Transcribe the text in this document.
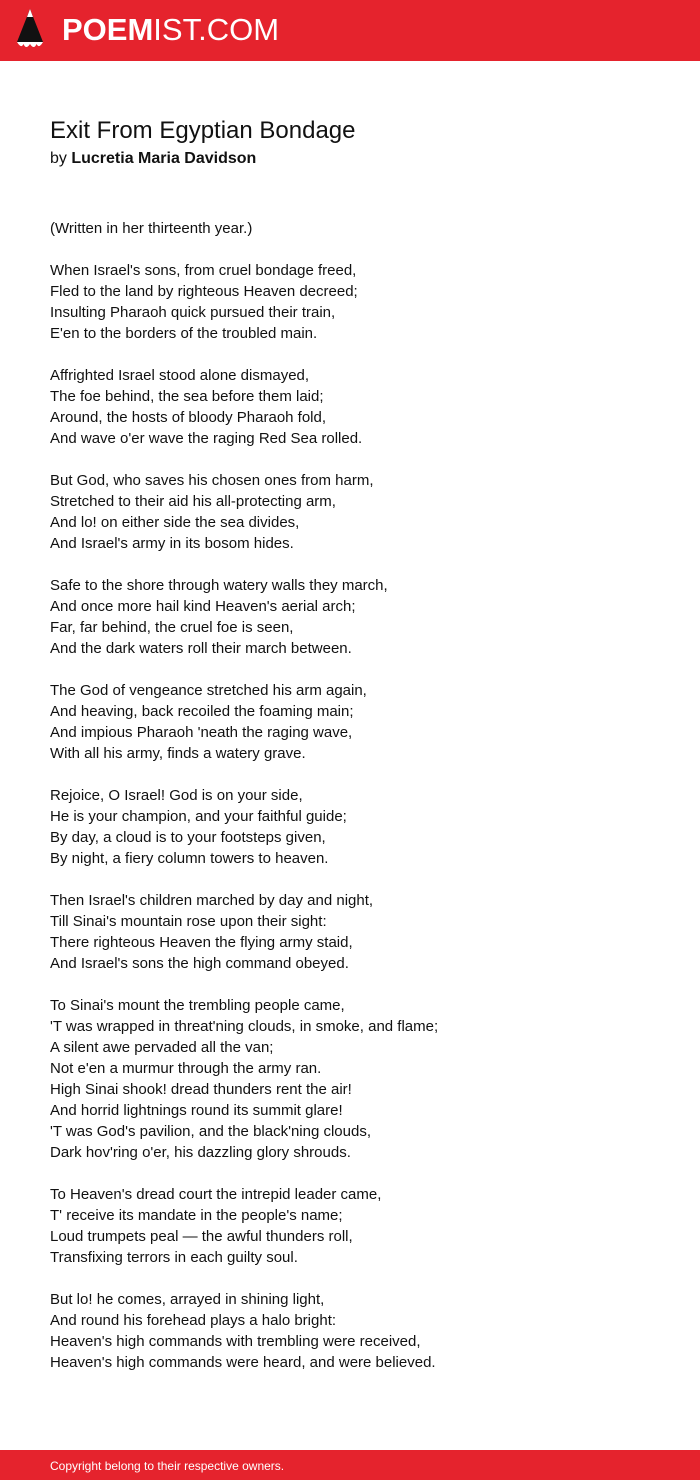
POEMIST.COM
Exit From Egyptian Bondage
by Lucretia Maria Davidson
(Written in her thirteenth year.)
When Israel's sons, from cruel bondage freed,
Fled to the land by righteous Heaven decreed;
Insulting Pharaoh quick pursued their train,
E'en to the borders of the troubled main.
Affrighted Israel stood alone dismayed,
The foe behind, the sea before them laid;
Around, the hosts of bloody Pharaoh fold,
And wave o'er wave the raging Red Sea rolled.
But God, who saves his chosen ones from harm,
Stretched to their aid his all-protecting arm,
And lo! on either side the sea divides,
And Israel's army in its bosom hides.
Safe to the shore through watery walls they march,
And once more hail kind Heaven's aerial arch;
Far, far behind, the cruel foe is seen,
And the dark waters roll their march between.
The God of vengeance stretched his arm again,
And heaving, back recoiled the foaming main;
And impious Pharaoh 'neath the raging wave,
With all his army, finds a watery grave.
Rejoice, O Israel! God is on your side,
He is your champion, and your faithful guide;
By day, a cloud is to your footsteps given,
By night, a fiery column towers to heaven.
Then Israel's children marched by day and night,
Till Sinai's mountain rose upon their sight:
There righteous Heaven the flying army staid,
And Israel's sons the high command obeyed.
To Sinai's mount the trembling people came,
'T was wrapped in threat'ning clouds, in smoke, and flame;
A silent awe pervaded all the van;
Not e'en a murmur through the army ran.
High Sinai shook! dread thunders rent the air!
And horrid lightnings round its summit glare!
'T was God's pavilion, and the black'ning clouds,
Dark hov'ring o'er, his dazzling glory shrouds.
To Heaven's dread court the intrepid leader came,
T' receive its mandate in the people's name;
Loud trumpets peal — the awful thunders roll,
Transfixing terrors in each guilty soul.
But lo! he comes, arrayed in shining light,
And round his forehead plays a halo bright:
Heaven's high commands with trembling were received,
Heaven's high commands were heard, and were believed.
Copyright belong to their respective owners.
